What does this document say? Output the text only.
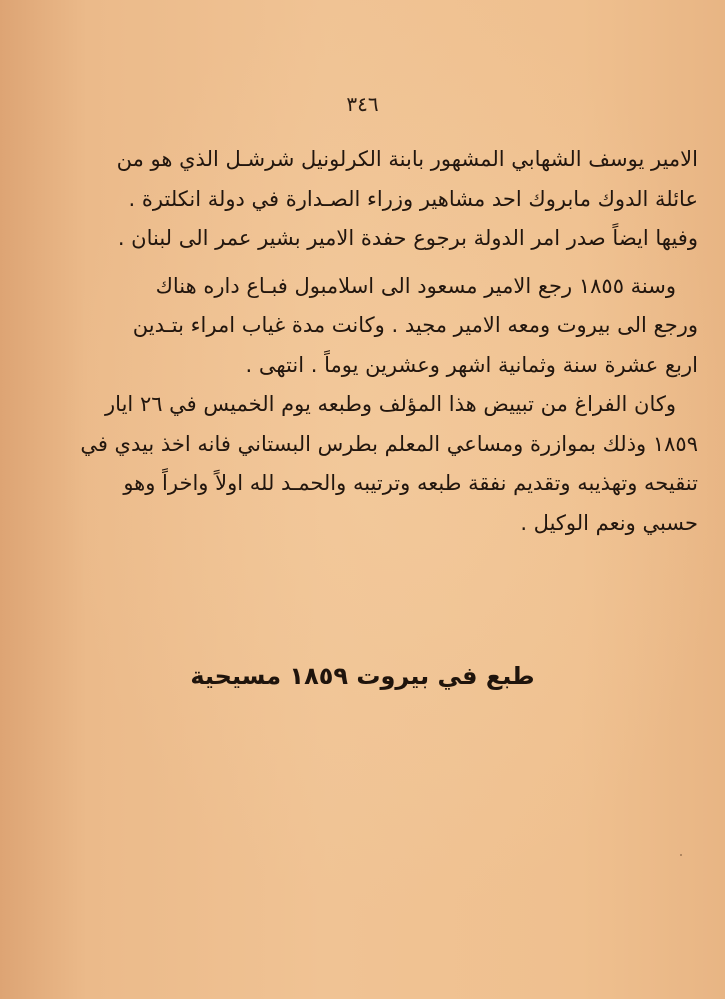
٣٤٦
الامير يوسف الشهابي المشهور بابنة الكرلونيل شرشـل الذي هو من
عائلة الدوك مابروك احد مشاهير وزراء الصـدارة في دولة انكلترة .
وفيها ايضاً صدر امر الدولة برجوع حفدة الامير بشير عمر الى لبنان .
وسنة ١٨٥٥ رجع الامير مسعود الى اسلامبول فبـاع داره هناك
ورجع الى بيروت ومعه الامير مجيد . وكانت مدة غياب امراء بتـدين
اربع عشرة سنة وثمانية اشهر وعشرين يوماً . انتهى .
وكان الفراغ من تبييض هذا المؤلف وطبعه يوم الخميس في ٢٦ ايار
١٨٥٩ وذلك بموازرة ومساعي المعلم بطرس البستاني فانه اخذ بيدي في
تنقيحه وتهذيبه وتقديم نفقة طبعه وترتيبه والحمـد لله اولاً واخراً وهو
حسبي ونعم الوكيل .
طبع في بيروت ١٨٥٩ مسيحية
